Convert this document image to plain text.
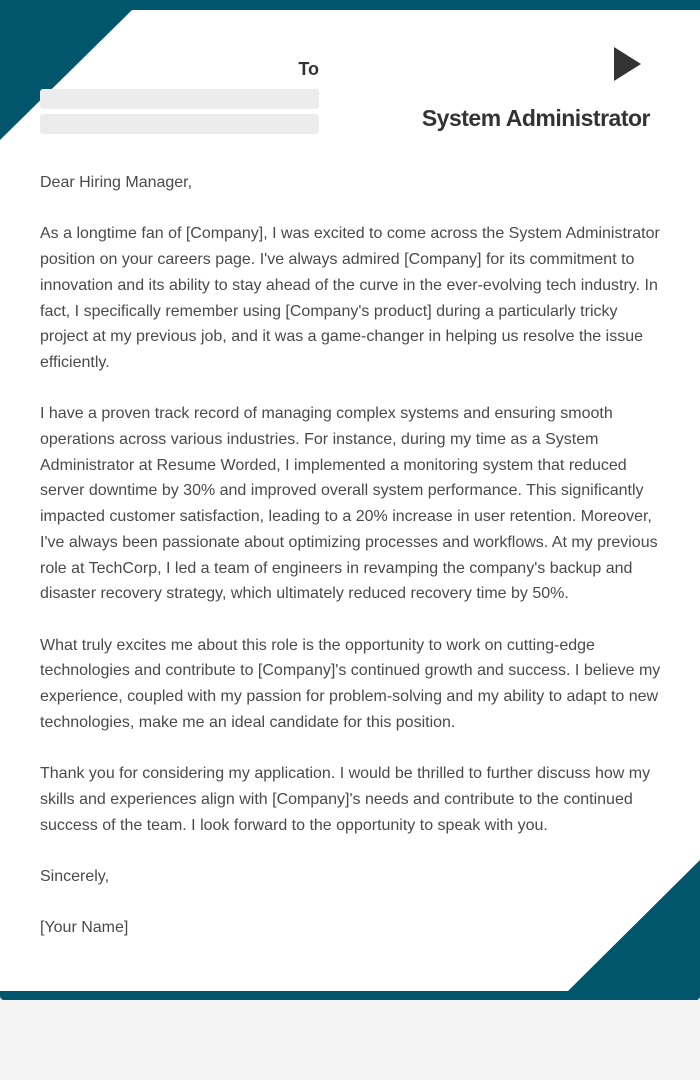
To
System Administrator

Dear Hiring Manager,

As a longtime fan of [Company], I was excited to come across the System Administrator position on your careers page. I've always admired [Company] for its commitment to innovation and its ability to stay ahead of the curve in the ever-evolving tech industry. In fact, I specifically remember using [Company's product] during a particularly tricky project at my previous job, and it was a game-changer in helping us resolve the issue efficiently.

I have a proven track record of managing complex systems and ensuring smooth operations across various industries. For instance, during my time as a System Administrator at Resume Worded, I implemented a monitoring system that reduced server downtime by 30% and improved overall system performance. This significantly impacted customer satisfaction, leading to a 20% increase in user retention. Moreover, I've always been passionate about optimizing processes and workflows. At my previous role at TechCorp, I led a team of engineers in revamping the company's backup and disaster recovery strategy, which ultimately reduced recovery time by 50%.

What truly excites me about this role is the opportunity to work on cutting-edge technologies and contribute to [Company]'s continued growth and success. I believe my experience, coupled with my passion for problem-solving and my ability to adapt to new technologies, make me an ideal candidate for this position.

Thank you for considering my application. I would be thrilled to further discuss how my skills and experiences align with [Company]'s needs and contribute to the continued success of the team. I look forward to the opportunity to speak with you.

Sincerely,

[Your Name]
